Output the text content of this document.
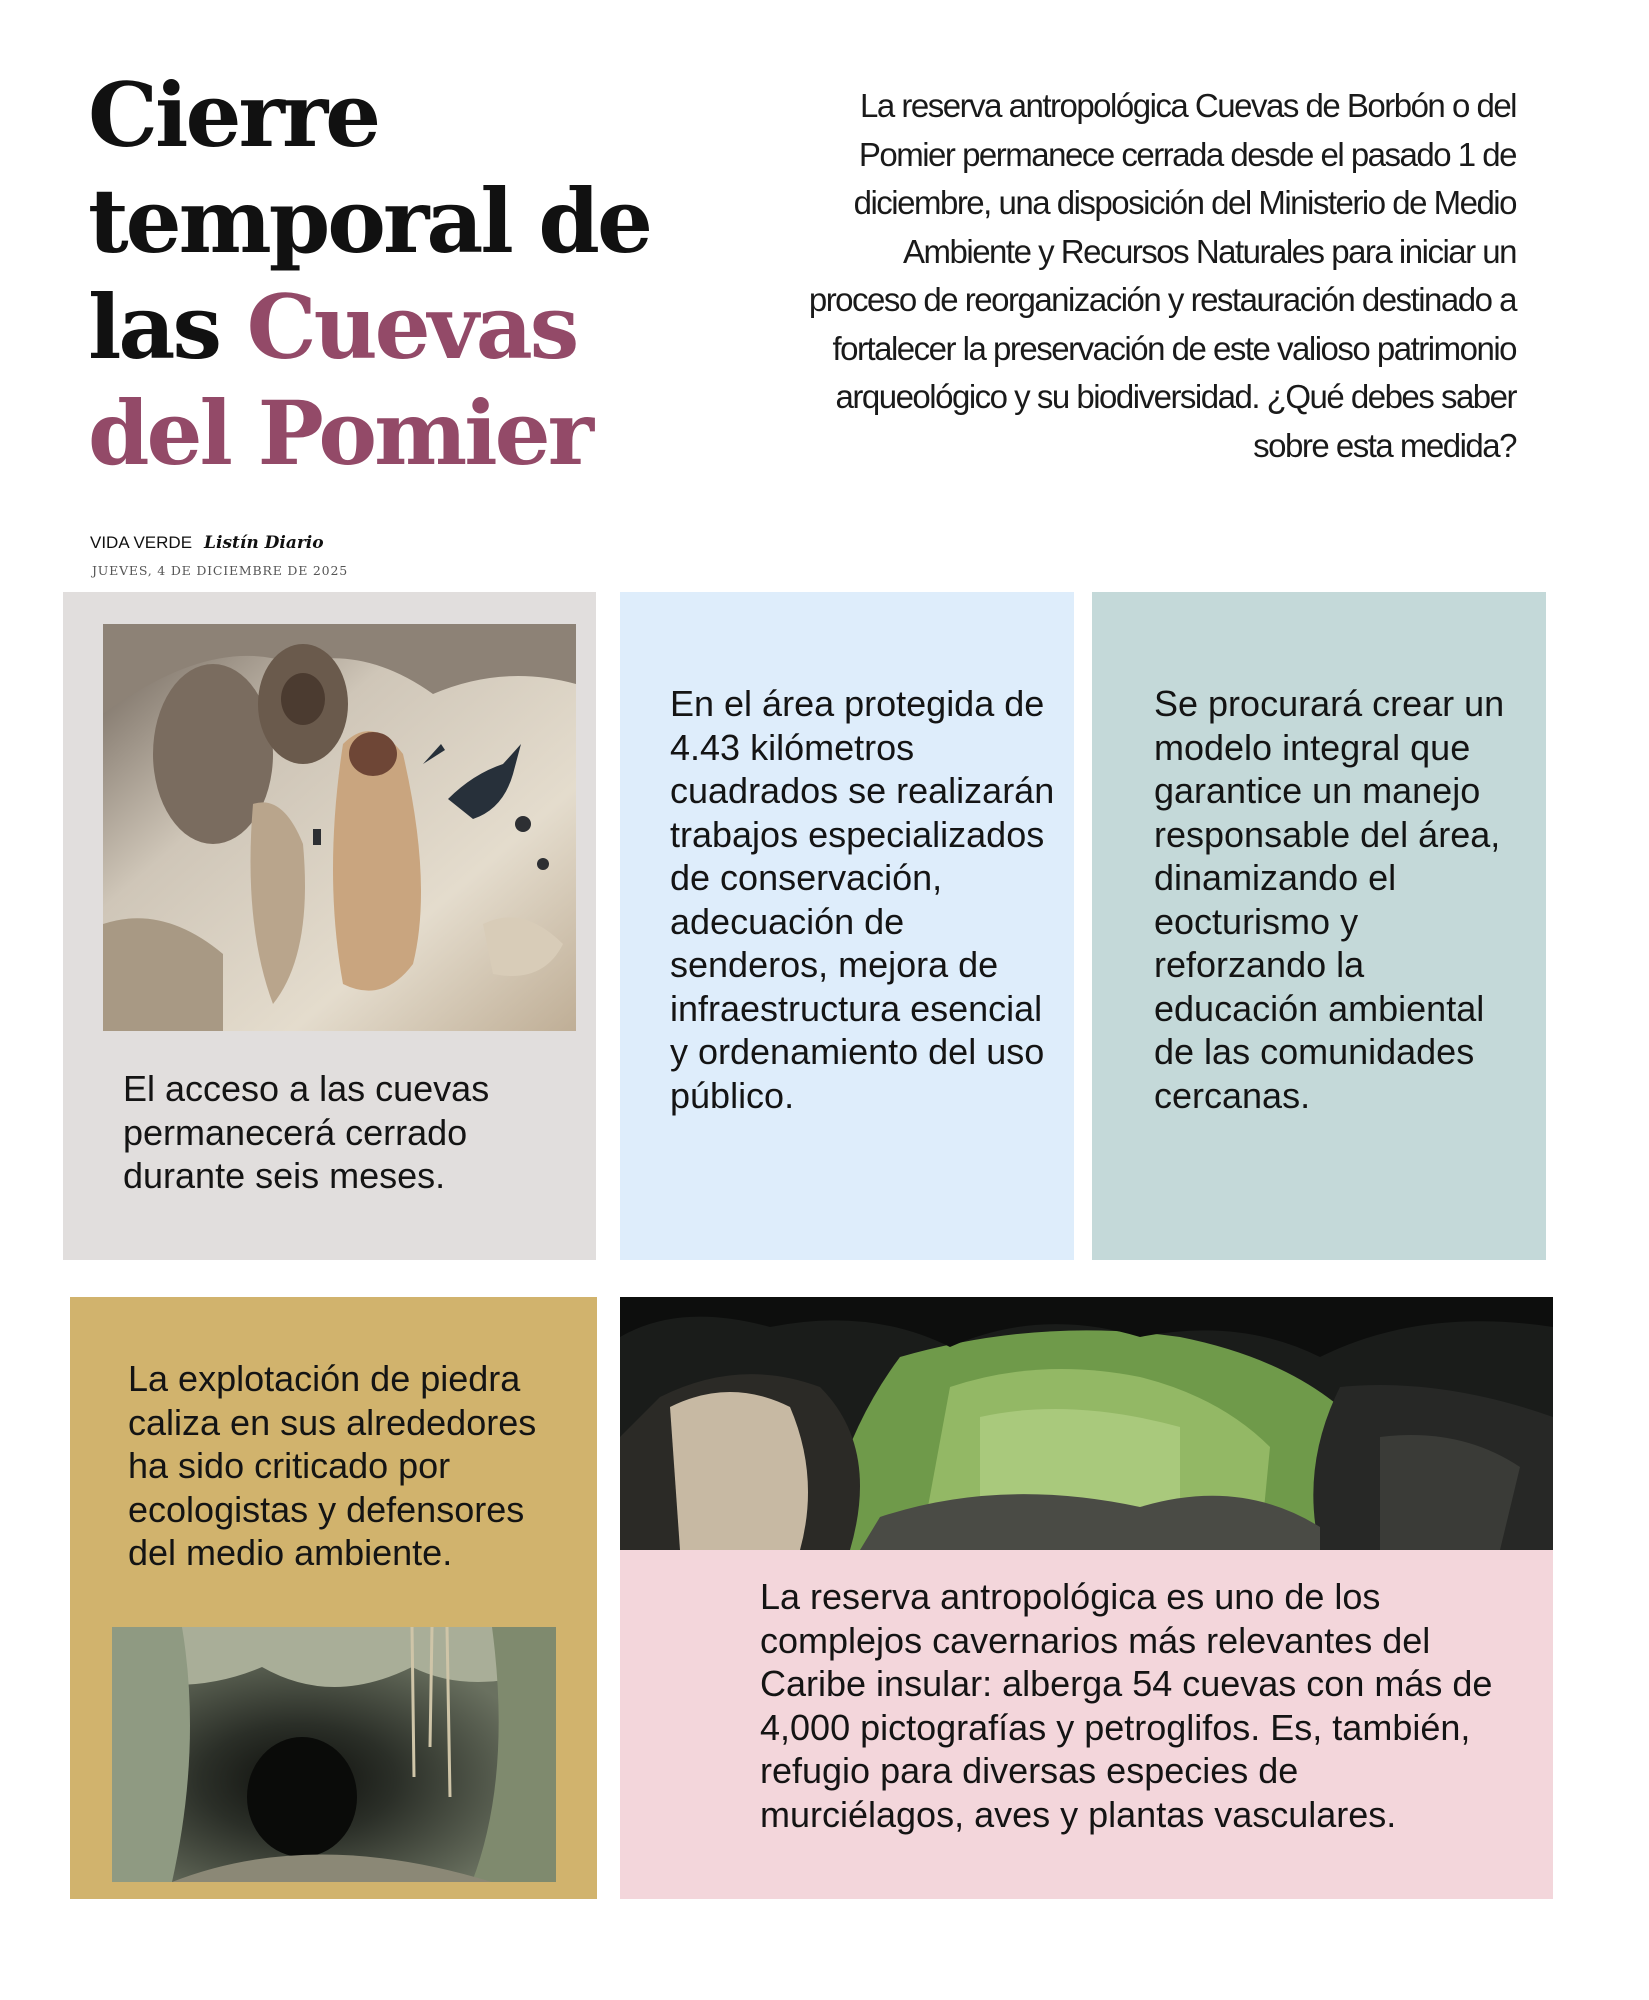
Cierre temporal de las Cuevas del Pomier

La reserva antropológica Cuevas de Borbón o del Pomier permanece cerrada desde el pasado 1 de diciembre, una disposición del Ministerio de Medio Ambiente y Recursos Naturales para iniciar un proceso de reorganización y restauración destinado a fortalecer la preservación de este valioso patrimonio arqueológico y su biodiversidad. ¿Qué debes saber sobre esta medida?

VIDA VERDE Listín Diario
JUEVES, 4 DE DICIEMBRE DE 2025

El acceso a las cuevas permanecerá cerrado durante seis meses.

En el área protegida de 4.43 kilómetros cuadrados se realizarán trabajos especializados de conservación, adecuación de senderos, mejora de infraestructura esencial y ordenamiento del uso público.

Se procurará crear un modelo integral que garantice un manejo responsable del área, dinamizando el eocturismo y reforzando la educación ambiental de las comunidades cercanas.

La explotación de piedra caliza en sus alrededores ha sido criticado por ecologistas y defensores del medio ambiente.

La reserva antropológica es uno de los complejos cavernarios más relevantes del Caribe insular: alberga 54 cuevas con más de 4,000 pictografías y petroglifos. Es, también, refugio para diversas especies de murciélagos, aves y plantas vasculares.
